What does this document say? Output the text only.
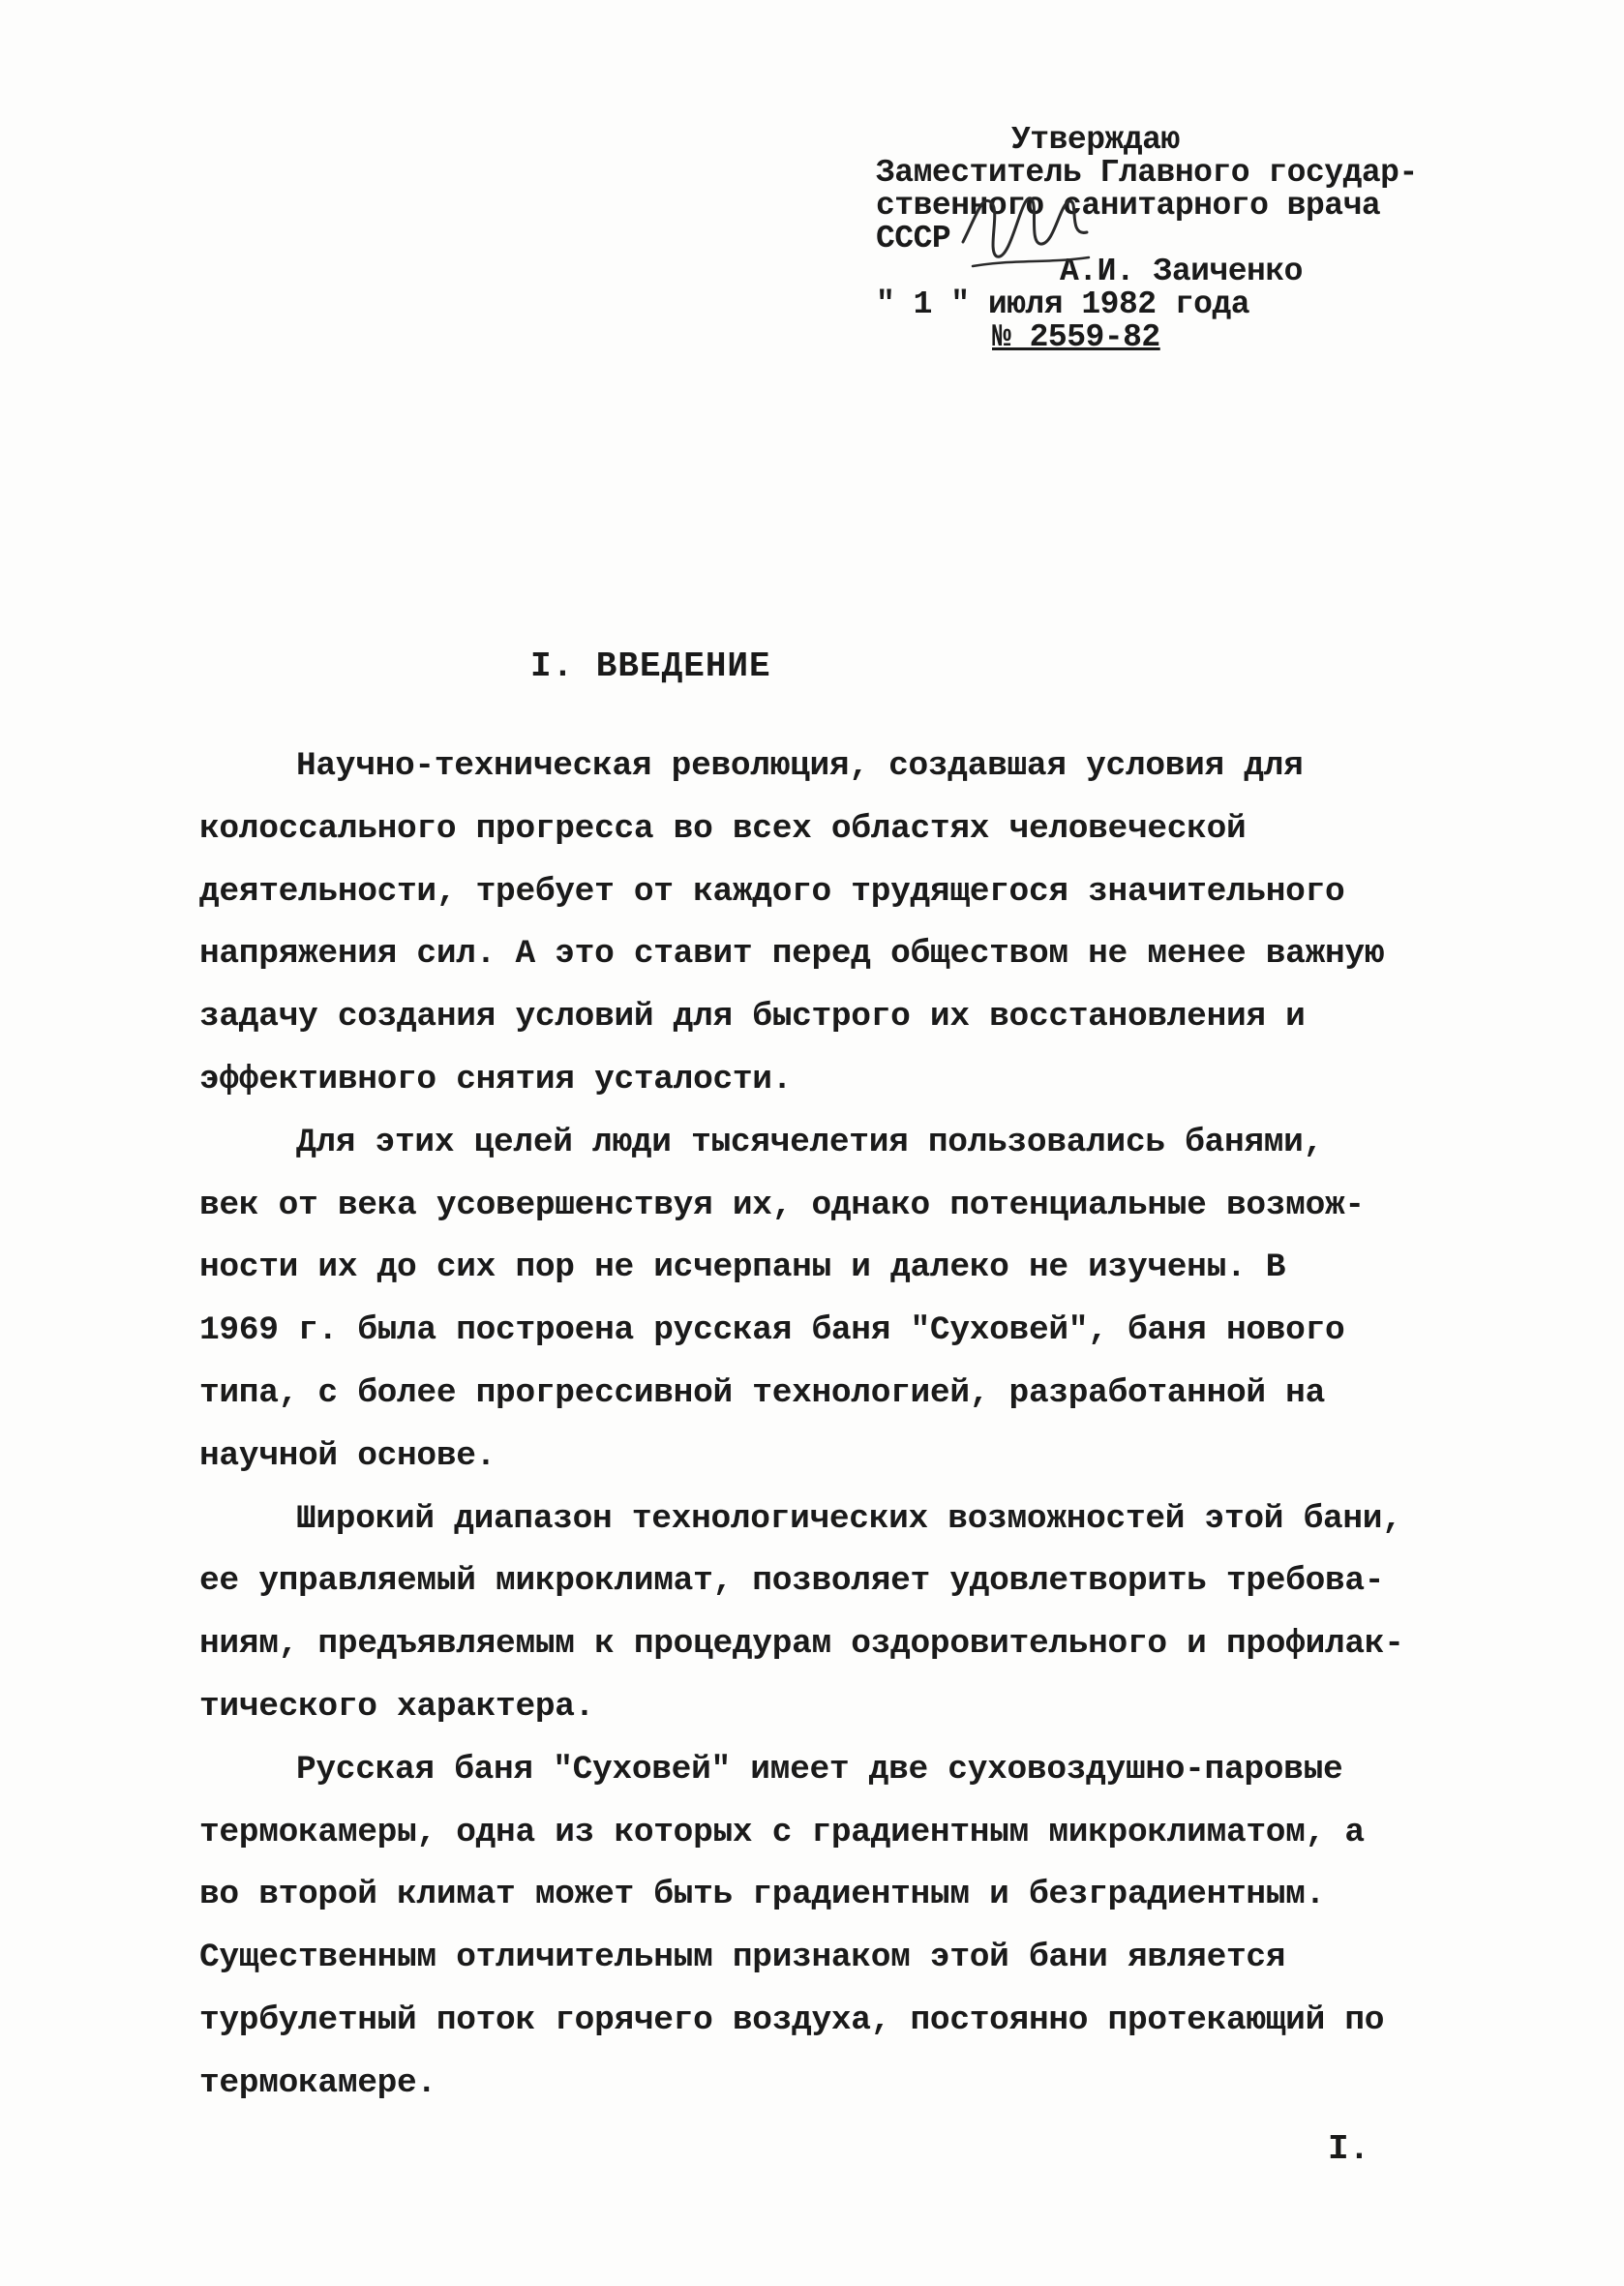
Утверждаю
Заместитель Главного государ-
ственного санитарного врача
СССР
А.И. Заиченко
" 1 " июля 1982 года
№ 2559-82
I. ВВЕДЕНИЕ
Научно-техническая революция, создавшая условия для
колоссального прогресса во всех областях человеческой
деятельности, требует от каждого трудящегося значительного
напряжения сил. А это ставит перед обществом не менее важную
задачу создания условий для быстрого их восстановления и
эффективного снятия усталости.
Для этих целей люди тысячелетия пользовались банями,
век от века усовершенствуя их, однако потенциальные возмож-
ности их до сих пор не исчерпаны и далеко не изучены. В
1969 г. была построена русская баня "Суховей", баня нового
типа, с более прогрессивной технологией, разработанной на
научной основе.
Широкий диапазон технологических возможностей этой бани,
ее управляемый микроклимат, позволяет удовлетворить требова-
ниям, предъявляемым к процедурам оздоровительного и профилак-
тического характера.
Русская баня "Суховей" имеет две суховоздушно-паровые
термокамеры, одна из которых с градиентным микроклиматом, а
во второй климат может быть градиентным и безградиентным.
Существенным отличительным признаком этой бани является
турбулетный поток горячего воздуха, постоянно протекающий по
термокамере.
I.
